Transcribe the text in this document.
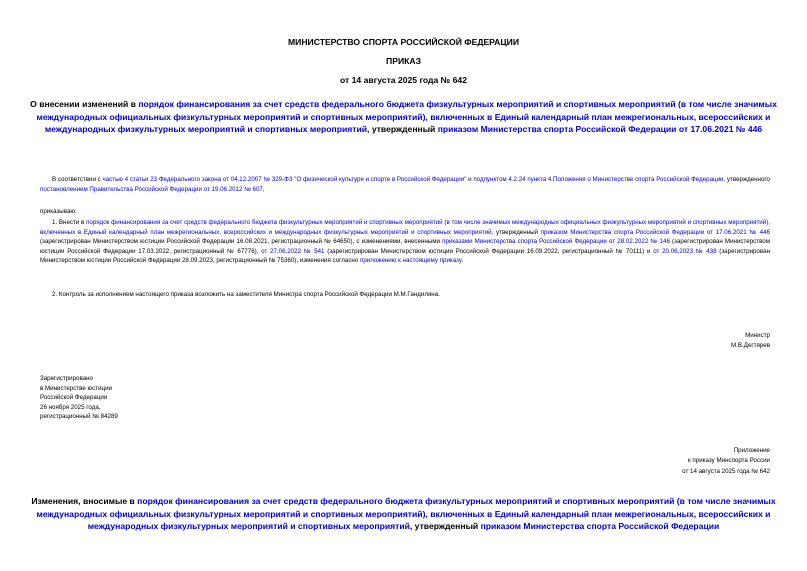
МИНИСТЕРСТВО СПОРТА РОССИЙСКОЙ ФЕДЕРАЦИИ
ПРИКАЗ
от 14 августа 2025 года № 642
О внесении изменений в порядок финансирования за счет средств федерального бюджета физкультурных мероприятий и спортивных мероприятий (в том числе значимых международных официальных физкультурных мероприятий и спортивных мероприятий), включенных в Единый календарный план межрегиональных, всероссийских и международных физкультурных мероприятий и спортивных мероприятий, утвержденный приказом Министерства спорта Российской Федерации от 17.06.2021 № 446
В соответствии с частью 4 статьи 23 Федерального закона от 04.12.2007 № 329-ФЗ "О физической культуре и спорте в Российской Федерации" и подпунктом 4.2.24 пункта 4 Положения о Министерстве спорта Российской Федерации, утвержденного постановлением Правительства Российской Федерации от 19.06.2012 № 607,
приказываю:
1. Внести в порядок финансирования за счет средств федерального бюджета физкультурных мероприятий и спортивных мероприятий (в том числе значимых международных официальных физкультурных мероприятий и спортивных мероприятий), включенных в Единый календарный план межрегиональных, всероссийских и международных физкультурных мероприятий и спортивных мероприятий, утвержденный приказом Министерства спорта Российской Федерации от 17.06.2021 № 446 (зарегистрирован Министерством юстиции Российской Федерации 16.08.2021, регистрационный № 64650), с изменениями, внесенными приказами Министерства спорта Российской Федерации от 28.02.2022 № 146 (зарегистрирован Министерством юстиции Российской Федерации 17.03.2022, регистрационный № 67776), от 27.06.2022 № 541 (зарегистрирован Министерством юстиции Российской Федерации 16.09.2022, регистрационный № 70111) и от 20.06.2023 № 438 (зарегистрирован Министерством юстиции Российской Федерации 28.09.2023, регистрационный № 75360), изменения согласно приложению к настоящему приказу.
2. Контроль за исполнением настоящего приказа возложить на заместителя Министра спорта Российской Федерации М.М.Гандиляна.
Министр
М.В.Дегтярев
Зарегистрировано
в Министерстве юстиции
Российской Федерации
26 ноября 2025 года,
регистрационный № 84289
Приложение
к приказу Минспорта России
от 14 августа 2025 года № 642
Изменения, вносимые в порядок финансирования за счет средств федерального бюджета физкультурных мероприятий и спортивных мероприятий (в том числе значимых международных официальных физкультурных мероприятий и спортивных мероприятий), включенных в Единый календарный план межрегиональных, всероссийских и международных физкультурных мероприятий и спортивных мероприятий, утвержденный приказом Министерства спорта Российской Федерации
